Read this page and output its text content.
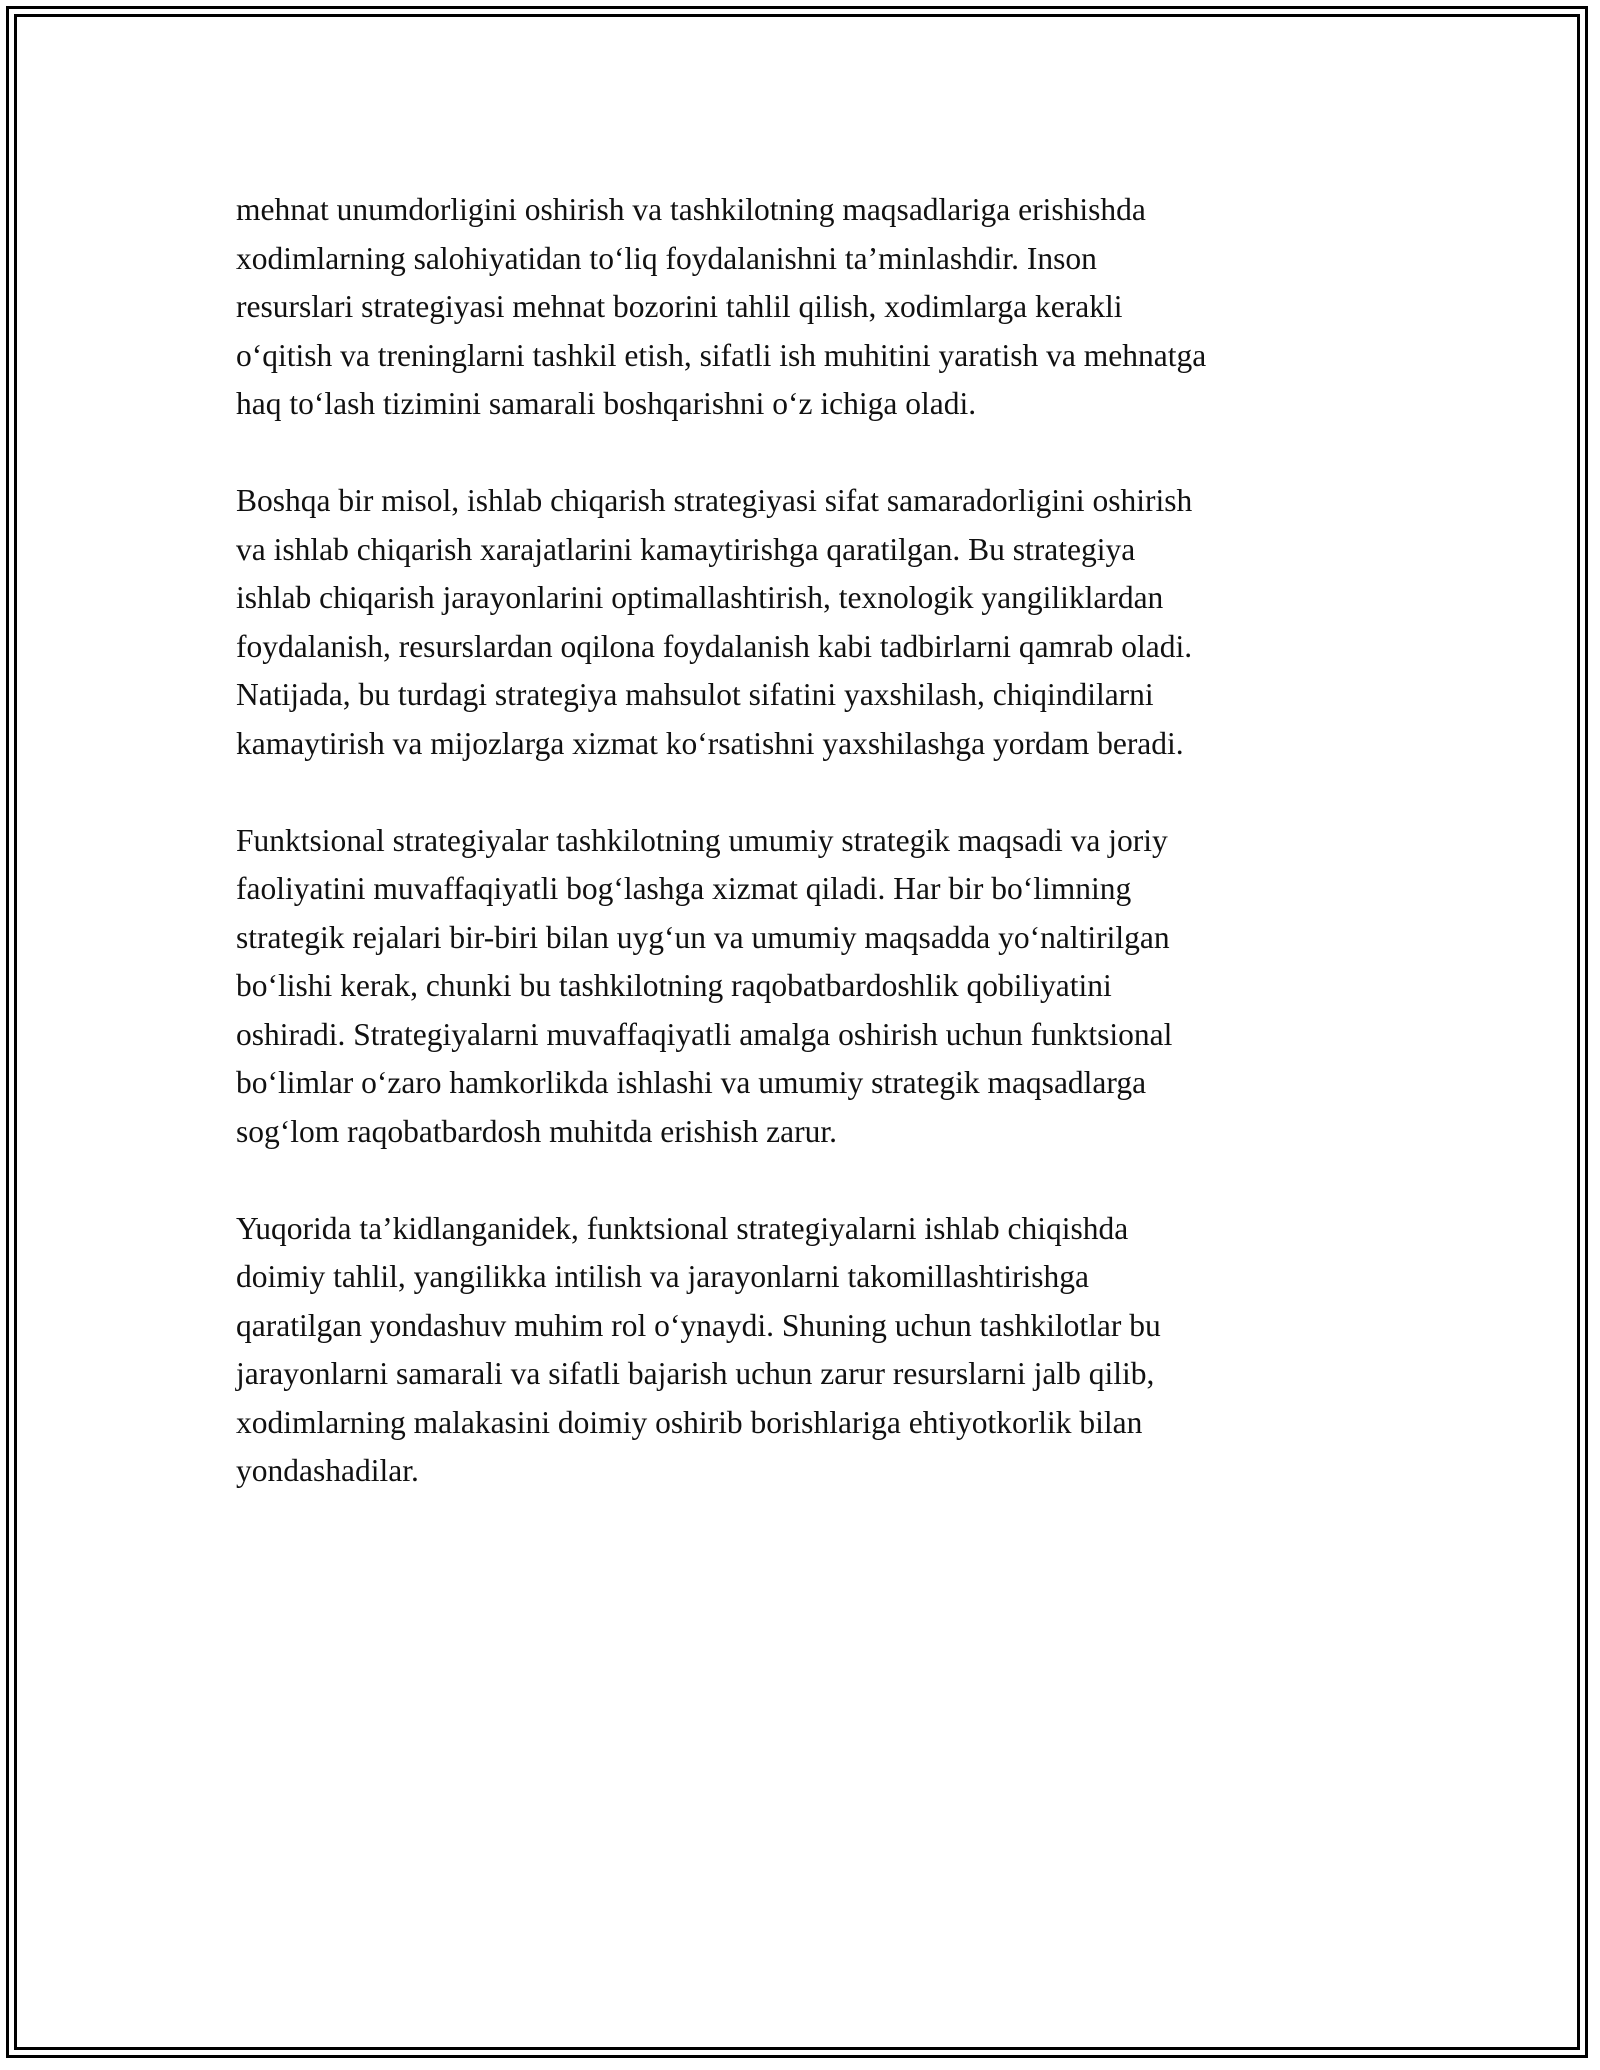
mehnat unumdorligini oshirish va tashkilotning maqsadlariga erishishda
xodimlarning salohiyatidan to‘liq foydalanishni ta’minlashdir. Inson
resurslari strategiyasi mehnat bozorini tahlil qilish, xodimlarga kerakli
o‘qitish va treninglarni tashkil etish, sifatli ish muhitini yaratish va mehnatga
haq to‘lash tizimini samarali boshqarishni o‘z ichiga oladi.

Boshqa bir misol, ishlab chiqarish strategiyasi sifat samaradorligini oshirish
va ishlab chiqarish xarajatlarini kamaytirishga qaratilgan. Bu strategiya
ishlab chiqarish jarayonlarini optimallashtirish, texnologik yangiliklardan
foydalanish, resurslardan oqilona foydalanish kabi tadbirlarni qamrab oladi.
Natijada, bu turdagi strategiya mahsulot sifatini yaxshilash, chiqindilarni
kamaytirish va mijozlarga xizmat ko‘rsatishni yaxshilashga yordam beradi.

Funktsional strategiyalar tashkilotning umumiy strategik maqsadi va joriy
faoliyatini muvaffaqiyatli bog‘lashga xizmat qiladi. Har bir bo‘limning
strategik rejalari bir-biri bilan uyg‘un va umumiy maqsadda yo‘naltirilgan
bo‘lishi kerak, chunki bu tashkilotning raqobatbardoshlik qobiliyatini
oshiradi. Strategiyalarni muvaffaqiyatli amalga oshirish uchun funktsional
bo‘limlar o‘zaro hamkorlikda ishlashi va umumiy strategik maqsadlarga
sog‘lom raqobatbardosh muhitda erishish zarur.

Yuqorida ta’kidlanganidek, funktsional strategiyalarni ishlab chiqishda
doimiy tahlil, yangilikka intilish va jarayonlarni takomillashtirishga
qaratilgan yondashuv muhim rol o‘ynaydi. Shuning uchun tashkilotlar bu
jarayonlarni samarali va sifatli bajarish uchun zarur resurslarni jalb qilib,
xodimlarning malakasini doimiy oshirib borishlariga ehtiyotkorlik bilan
yondashadilar.
